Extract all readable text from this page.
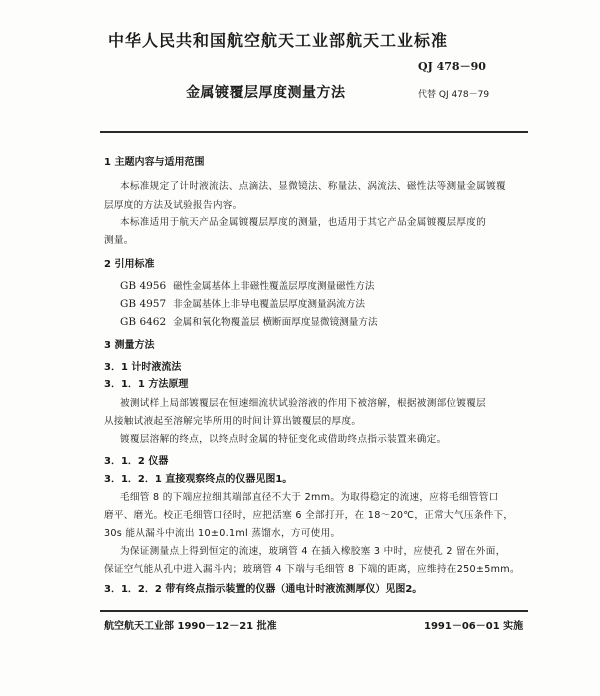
中华人民共和国航空航天工业部航天工业标准
QJ 478－90
金属镀覆层厚度测量方法	代替 QJ 478－79
1 主题内容与适用范围
本标准规定了计时液流法、点滴法、显微镜法、称量法、涡流法、磁性法等测量金属镀覆
层厚度的方法及试验报告内容。
本标准适用于航天产品金属镀覆层厚度的测量，也适用于其它产品金属镀覆层厚度的
测量。
2 引用标准
GB 4956 磁性金属基体上非磁性覆盖层厚度测量磁性方法
GB 4957 非金属基体上非导电覆盖层厚度测量涡流方法
GB 6462 金属和氧化物覆盖层 横断面厚度显微镜测量方法
3 测量方法
3．1 计时液流法
3．1．1 方法原理
被测试样上局部镀覆层在恒速细流状试验溶液的作用下被溶解，根据被测部位镀覆层
从接触试液起至溶解完毕所用的时间计算出镀覆层的厚度。
镀覆层溶解的终点，以终点时金属的特征变化或借助终点指示装置来确定。
3．1．2 仪器
3．1．2．1 直接观察终点的仪器见图1。
毛细管 8 的下端应拉细其端部直径不大于 2mm。为取得稳定的流速，应将毛细管管口
磨平、磨光。校正毛细管口径时，应把活塞 6 全部打开，在 18～20℃，正常大气压条件下，
30s 能从漏斗中流出 10±0.1ml 蒸馏水，方可使用。
为保证测量点上得到恒定的流速，玻璃管 4 在插入橡胶塞 3 中时，应使孔 2 留在外面，
保证空气能从孔中进入漏斗内；玻璃管 4 下端与毛细管 8 下端的距离，应维持在250±5mm。
3．1．2．2 带有终点指示装置的仪器（通电计时液流测厚仪）见图2。
航空航天工业部 1990－12－21 批准	1991－06－01 实施
